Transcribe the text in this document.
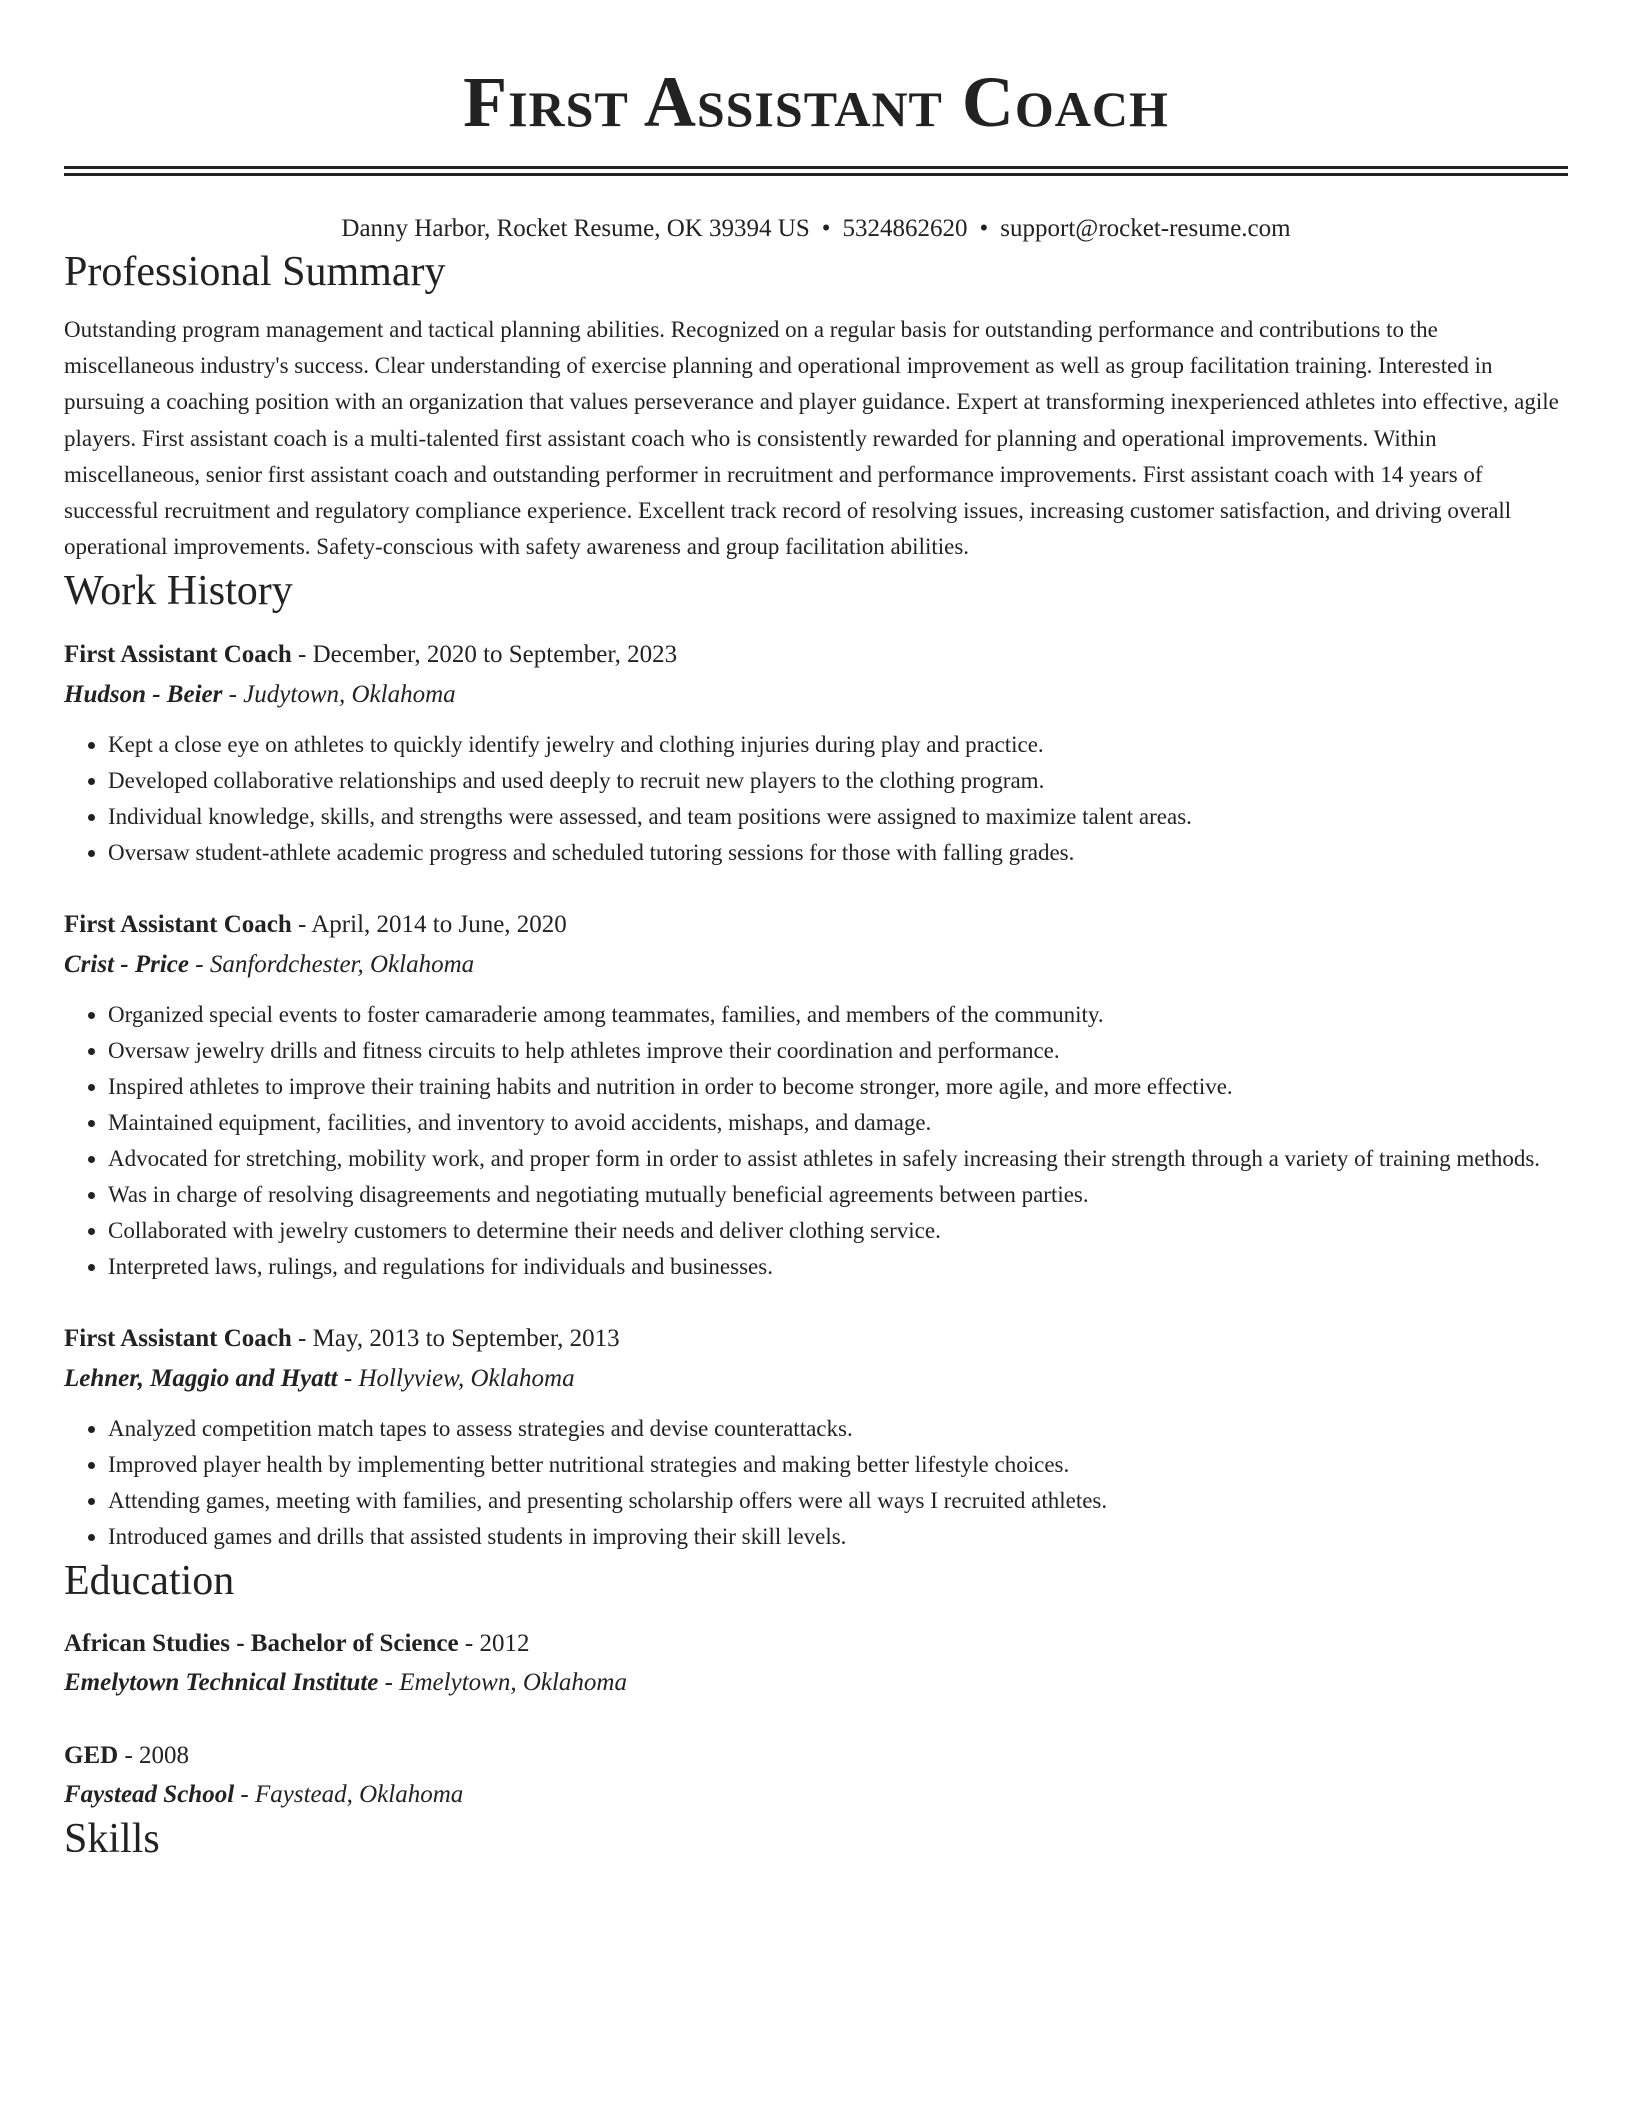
First Assistant Coach
Danny Harbor, Rocket Resume, OK 39394 US • 5324862620 • support@rocket-resume.com
Professional Summary

Outstanding program management and tactical planning abilities. Recognized on a regular basis for outstanding performance and contributions to the miscellaneous industry's success. Clear understanding of exercise planning and operational improvement as well as group facilitation training. Interested in pursuing a coaching position with an organization that values perseverance and player guidance. Expert at transforming inexperienced athletes into effective, agile players. First assistant coach is a multi-talented first assistant coach who is consistently rewarded for planning and operational improvements. Within miscellaneous, senior first assistant coach and outstanding performer in recruitment and performance improvements. First assistant coach with 14 years of successful recruitment and regulatory compliance experience. Excellent track record of resolving issues, increasing customer satisfaction, and driving overall operational improvements. Safety-conscious with safety awareness and group facilitation abilities.

Work History

First Assistant Coach - December, 2020 to September, 2023

Hudson - Beier - Judytown, Oklahoma

• Kept a close eye on athletes to quickly identify jewelry and clothing injuries during play and practice.
• Developed collaborative relationships and used deeply to recruit new players to the clothing program.
• Individual knowledge, skills, and strengths were assessed, and team positions were assigned to maximize talent areas.
• Oversaw student-athlete academic progress and scheduled tutoring sessions for those with falling grades.

First Assistant Coach - April, 2014 to June, 2020

Crist - Price - Sanfordchester, Oklahoma

• Organized special events to foster camaraderie among teammates, families, and members of the community.
• Oversaw jewelry drills and fitness circuits to help athletes improve their coordination and performance.
• Inspired athletes to improve their training habits and nutrition in order to become stronger, more agile, and more effective.
• Maintained equipment, facilities, and inventory to avoid accidents, mishaps, and damage.
• Advocated for stretching, mobility work, and proper form in order to assist athletes in safely increasing their strength through a variety of training methods.
• Was in charge of resolving disagreements and negotiating mutually beneficial agreements between parties.
• Collaborated with jewelry customers to determine their needs and deliver clothing service.
• Interpreted laws, rulings, and regulations for individuals and businesses.

First Assistant Coach - May, 2013 to September, 2013

Lehner, Maggio and Hyatt - Hollyview, Oklahoma

• Analyzed competition match tapes to assess strategies and devise counterattacks.
• Improved player health by implementing better nutritional strategies and making better lifestyle choices.
• Attending games, meeting with families, and presenting scholarship offers were all ways I recruited athletes.
• Introduced games and drills that assisted students in improving their skill levels.
Education

African Studies - Bachelor of Science - 2012

Emelytown Technical Institute - Emelytown, Oklahoma

GED - 2008

Faystead School - Faystead, Oklahoma

Skills
